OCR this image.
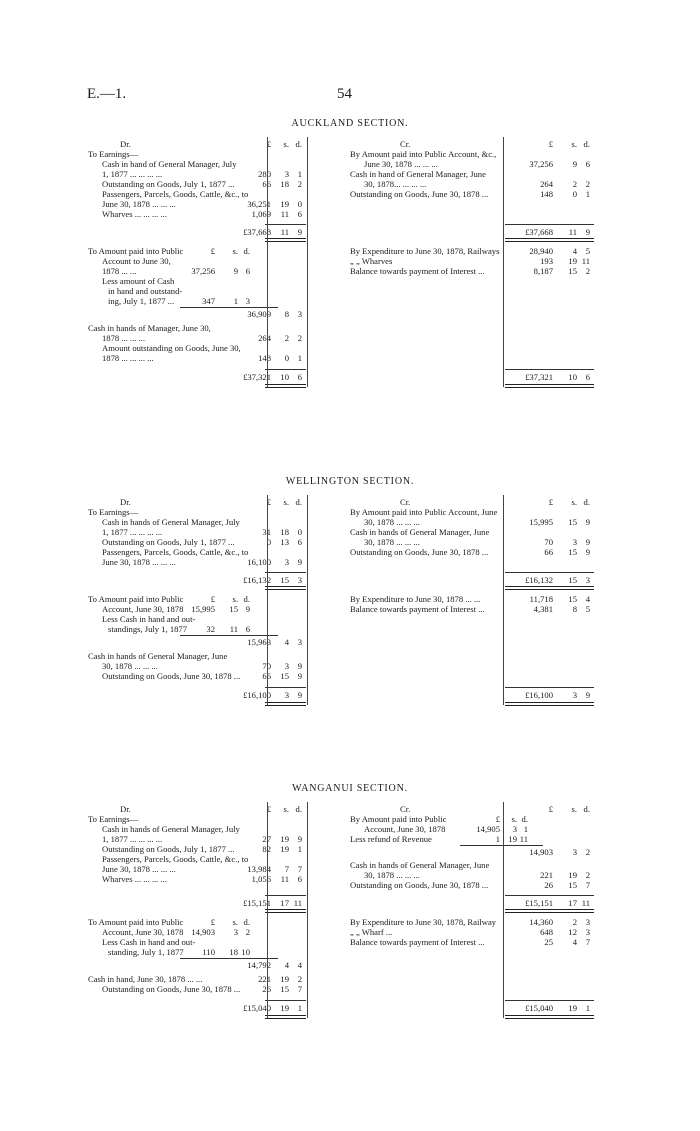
E.—1.	54
AUCKLAND SECTION.
Dr.	Cr.
£ s. d.	£ s. d.
To Earnings—
Cash in hand of General Manager, July
1, 1877 ... ... ... ...	280 3 1
Outstanding on Goods, July 1, 1877 ...	66 18 2
Passengers, Parcels, Goods, Cattle, &c., to
June 30, 1878 ... ... ...	36,251 19 0
Wharves ... ... ... ...	1,069 11 6
By Amount paid into Public Account, &c.,
June 30, 1878 ... ... ...	37,256 9 6
Cash in hand of General Manager, June
30, 1878... ... ... ...	264 2 2
Outstanding on Goods, June 30, 1878 ...	148 0 1
£37,668 11 9	£37,668 11 9
To Amount paid into Public	£ s. d.
Account to June 30,
1878 ... ...	37,256 9 6
Less amount of Cash
in hand and outstand-
ing, July 1, 1877 ...	347 1 3
36,909 8 3
Cash in hands of Manager, June 30,
1878 ... ... ...	264 2 2
Amount outstanding on Goods, June 30,
1878 ... ... ... ...	148 0 1
By Expenditure to June 30, 1878, Railways	28,940 4 5
„ „ Wharves	193 19 11
Balance towards payment of Interest ...	8,187 15 2
£37,321 10 6	£37,321 10 6
WELLINGTON SECTION.
Dr.	Cr.
£ s. d.	£ s. d.
To Earnings—
Cash in hands of General Manager, July
1, 1877 ... ... ... ...	31 18 0
Outstanding on Goods, July 1, 1877 ...	0 13 6
Passengers, Parcels, Goods, Cattle, &c., to
June 30, 1878 ... ... ...	16,100 3 9
By Amount paid into Public Account, June
30, 1878 ... ... ...	15,995 15 9
Cash in hands of General Manager, June
30, 1878 ... ... ...	70 3 9
Outstanding on Goods, June 30, 1878 ...	66 15 9
£16,132 15 3	£16,132 15 3
To Amount paid into Public	£ s. d.
Account, June 30, 1878 15,995 15 9
Less Cash in hand and out-
standings, July 1, 1877 32 11 6
15,963 4 3
Cash in hands of General Manager, June
30, 1878 ... ... ...	70 3 9
Outstanding on Goods, June 30, 1878 ...	66 15 9
By Expenditure to June 30, 1878 ... ...	11,718 15 4
Balance towards payment of Interest ...	4,381 8 5
£16,100 3 9	£16,100 3 9
WANGANUI SECTION.
Dr.	Cr.
£ s. d.	£ s. d.
To Earnings—
Cash in hands of General Manager, July
1, 1877 ... ... ... ...	27 19 9
Outstanding on Goods, July 1, 1877 ...	82 19 1
Passengers, Parcels, Goods, Cattle, &c., to
June 30, 1878 ... ... ...	13,984 7 7
Wharves ... ... ... ...	1,056 11 6
By Amount paid into Public	£ s. d.
Account, June 30, 1878	14,905 3 1
Less refund of Revenue	1 19 11
14,903 3 2
Cash in hands of General Manager, June
30, 1878 ... ... ...	221 19 2
Outstanding on Goods, June 30, 1878 ...	26 15 7
£15,151 17 11	£15,151 17 11
To Amount paid into Public	£ s. d.
Account, June 30, 1878 14,903 3 2
Less Cash in hand and out-
standing, July 1, 1877 110 18 10
14,792 4 4
Cash in hand, June 30, 1878 ... ...	221 19 2
Outstanding on Goods, June 30, 1878 ...	26 15 7
By Expenditure to June 30, 1878, Railway	14,360 2 3
„ „ Wharf ...	648 12 3
Balance towards payment of Interest ...	25 4 7
£15,040 19 1	£15,040 19 1
